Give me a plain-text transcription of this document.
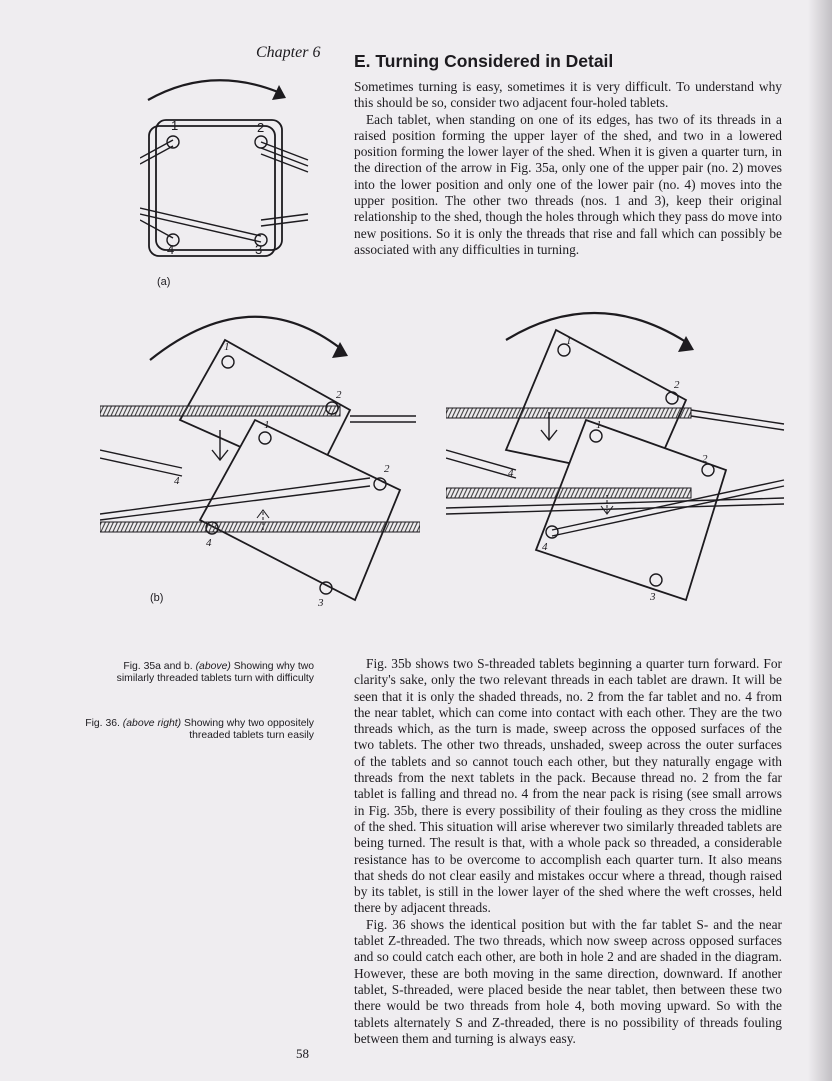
Chapter 6 E. Turning Considered in Detail

Sometimes turning is easy, sometimes it is very difficult. To understand why this should be so, consider two adjacent four-holed tablets.

Each tablet, when standing on one of its edges, has two of its threads in a raised position forming the upper layer of the shed, and two in a lowered position forming the lower layer of the shed. When it is given a quarter turn, in the direction of the arrow in Fig. 35a, only one of the upper pair (no. 2) moves into the lower position and only one of the lower pair (no. 4) moves into the upper position. The other two threads (nos. 1 and 3), keep their original relationship to the shed, though the holes through which they pass do move into new positions. So it is only the threads that rise and fall which can possibly be associated with any difficulties in turning.

1	2
3
4
(a)
1
2
4
1
2
3
4
(b)
1
2
4
1
2
3
4
Fig. 35a and b. (above) Showing why two similarly threaded tablets turn with difficulty
Fig. 36. (above right) Showing why two oppositely threaded tablets turn easily

Fig. 35b shows two S-threaded tablets beginning a quarter turn forward. For clarity's sake, only the two relevant threads in each tablet are drawn. It will be seen that it is only the shaded threads, no. 2 from the far tablet and no. 4 from the near tablet, which can come into contact with each other. They are the two threads which, as the turn is made, sweep across the opposed surfaces of the two tablets. The other two threads, unshaded, sweep across the outer surfaces of the tablets and so cannot touch each other, but they naturally engage with threads from the next tablets in the pack. Because thread no. 2 from the far tablet is falling and thread no. 4 from the near pack is rising (see small arrows in Fig. 35b, there is every possibility of their fouling as they cross the midline of the shed. This situation will arise wherever two similarly threaded tablets are being turned. The result is that, with a whole pack so threaded, a considerable resistance has to be overcome to accomplish each quarter turn. It also means that sheds do not clear easily and mistakes occur where a thread, though raised by its tablet, is still in the lower layer of the shed where the weft crosses, held there by adjacent threads.

Fig. 36 shows the identical position but with the far tablet S- and the near tablet Z-threaded. The two threads, which now sweep across opposed surfaces and so could catch each other, are both in hole 2 and are shaded in the diagram. However, these are both moving in the same direction, downward. If another tablet, S-threaded, were placed beside the near tablet, then between these two there would be two threads from hole 4, both moving upward. So with the tablets alternately S and Z-threaded, there is no possibility of threads fouling between them and turning is always easy.

58
